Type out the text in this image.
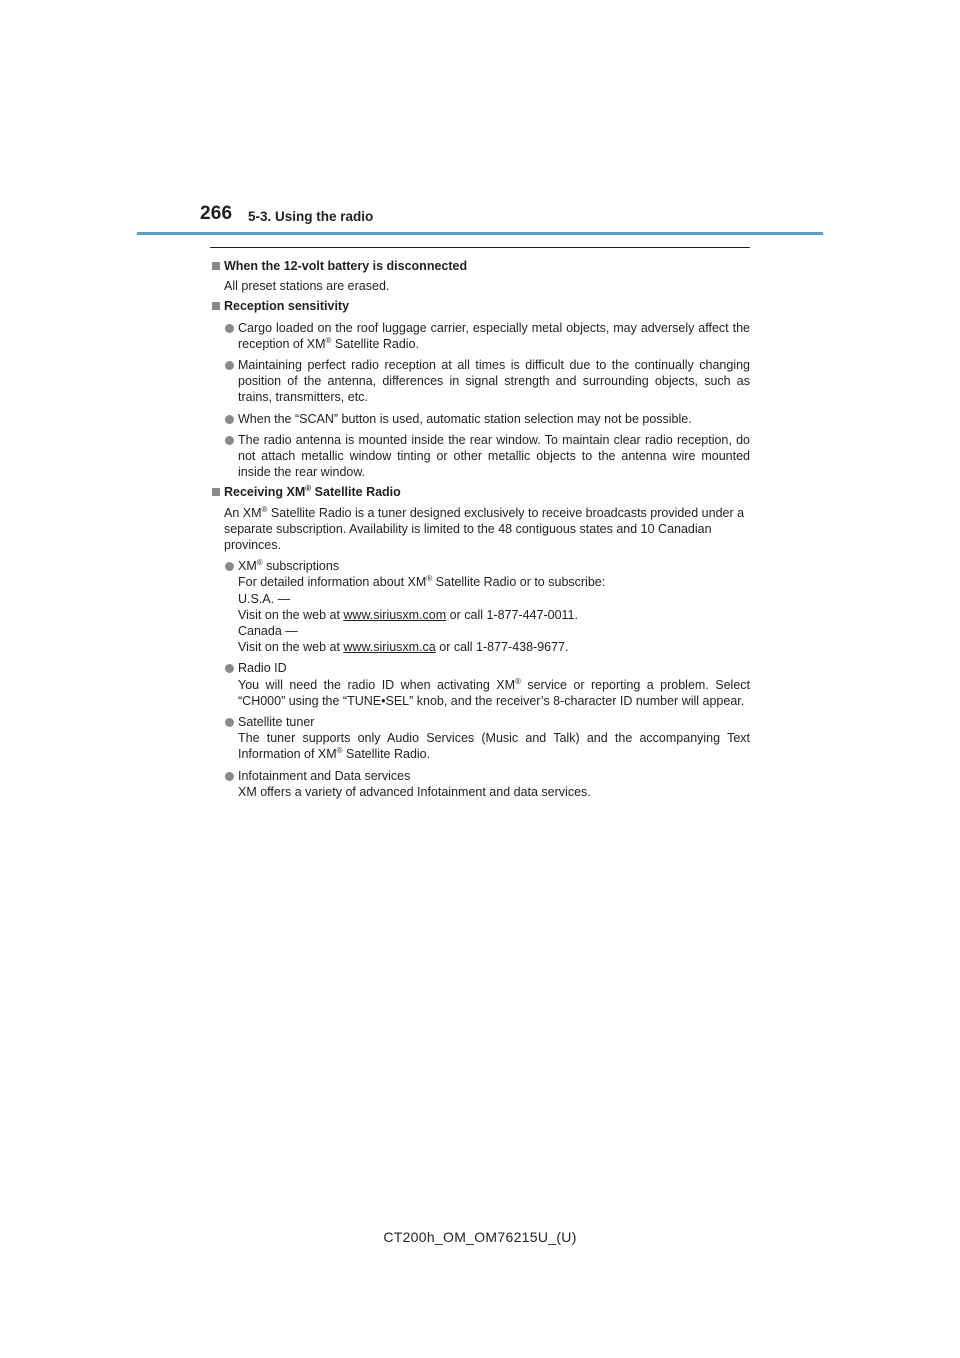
266 5-3. Using the radio
When the 12-volt battery is disconnected
All preset stations are erased.
Reception sensitivity
Cargo loaded on the roof luggage carrier, especially metal objects, may adversely affect the reception of XM® Satellite Radio.
Maintaining perfect radio reception at all times is difficult due to the continually changing position of the antenna, differences in signal strength and surrounding objects, such as trains, transmitters, etc.
When the “SCAN” button is used, automatic station selection may not be possible.
The radio antenna is mounted inside the rear window. To maintain clear radio reception, do not attach metallic window tinting or other metallic objects to the antenna wire mounted inside the rear window.
Receiving XM® Satellite Radio
An XM® Satellite Radio is a tuner designed exclusively to receive broadcasts provided under a separate subscription. Availability is limited to the 48 contiguous states and 10 Canadian provinces.
XM® subscriptions
For detailed information about XM® Satellite Radio or to subscribe:
U.S.A. —
Visit on the web at www.siriusxm.com or call 1-877-447-0011.
Canada —
Visit on the web at www.siriusxm.ca or call 1-877-438-9677.
Radio ID
You will need the radio ID when activating XM® service or reporting a problem. Select “CH000” using the “TUNE•SEL” knob, and the receiver’s 8-character ID number will appear.
Satellite tuner
The tuner supports only Audio Services (Music and Talk) and the accompanying Text Information of XM® Satellite Radio.
Infotainment and Data services
XM offers a variety of advanced Infotainment and data services.
CT200h_OM_OM76215U_(U)
